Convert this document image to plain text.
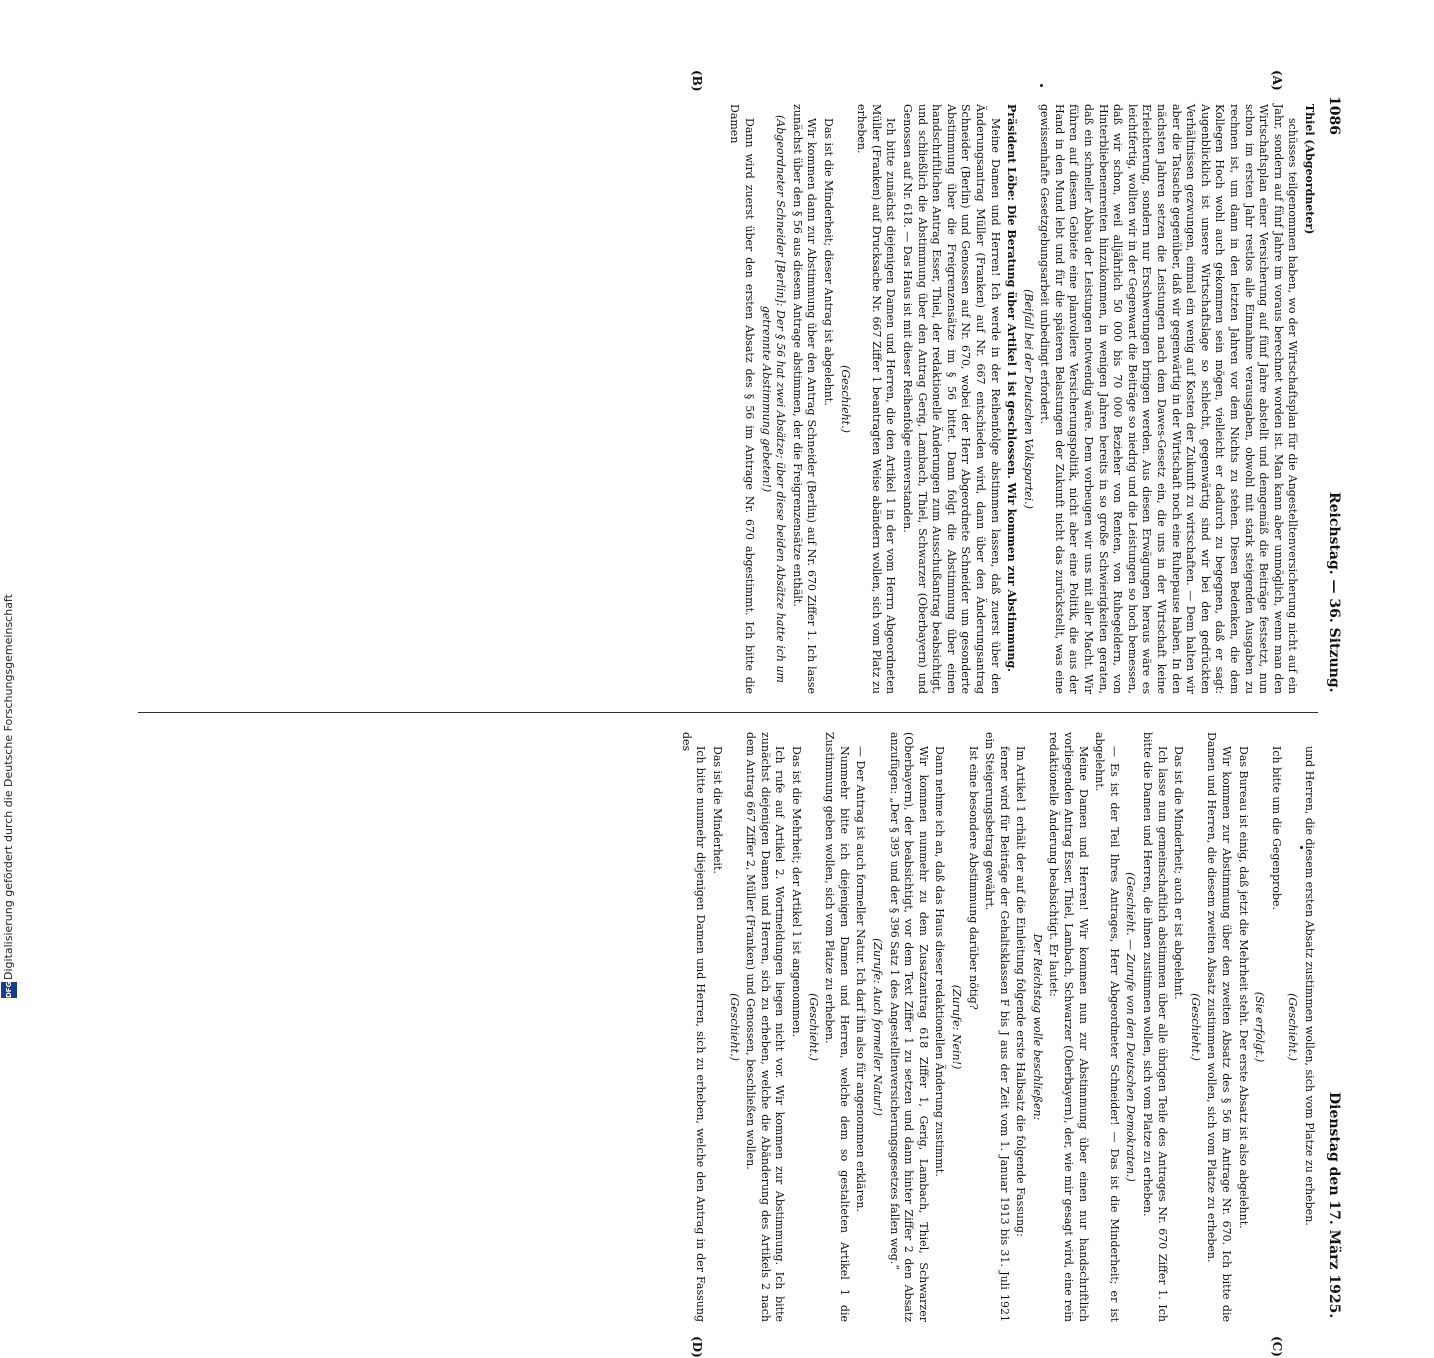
1086
Reichstag. — 36. Sitzung.
Dienstag den 17. März 1925.
(A)
(B)
(C)
(D)

Thiel (Abgeordneter)

schüsses teilgenommen haben, wo der Wirtschaftsplan für die Angestelltenversicherung nicht auf ein Jahr, sondern auf fünf Jahre im voraus berechnet worden ist. Man kann aber unmöglich, wenn man den Wirtschaftsplan einer Versicherung auf fünf Jahre abstellt und demgemäß die Beiträge festsetzt, nun schon im ersten Jahr restlos alle Einnahme verausgaben, obwohl mit stark steigenden Ausgaben zu rechnen ist, um dann in den letzten Jahren vor dem Nichts zu stehen. Diesen Bedenken, die dem Kollegen Hoch wohl auch gekommen sein mögen, vielleicht er dadurch zu begegnen, daß er sagt: Augenblicklich ist unsere Wirtschaftslage so schlecht, gegenwärtig sind wir bei den gedrückten Verhältnissen gezwungen, einmal ein wenig auf Kosten der Zukunft zu wirtschaften. — Dem halten wir aber die Tatsache gegenüber, daß wir gegenwärtig in der Wirtschaft noch eine Ruhepause haben. In den nächsten Jahren setzen die Leistungen nach dem Dawes-Gesetz ein, die uns in der Wirtschaft keine Erleichterung, sondern nur Erschwerungen bringen werden. Aus diesen Erwägungen heraus wäre es leichtfertig, wollten wir in der Gegenwart die Beiträge so niedrig und die Leistungen so hoch bemessen, daß wir schon, weil alljährlich 50 000 bis 70 000 Bezieher von Renten, von Ruhegeldern, von Hinterbliebenenrenten hinzukommen, in wenigen Jahren bereits in so große Schwierigkeiten geraten, daß ein schneller Abbau der Leistungen notwendig wäre. Dem vorbeugen wir uns mit aller Macht. Wir führen auf diesem Gebiete eine planvollere Versicherungspolitik, nicht aber eine Politik, die aus der Hand in den Mund lebt und für die späteren Belastungen der Zukunft nicht das zurückstellt, was eine gewissenhafte Gesetzgebungsarbeit unbedingt erfordert.

(Beifall bei der Deutschen Volkspartei.)

Präsident Löbe: Die Beratung über Artikel 1 ist geschlossen. Wir kommen zur Abstimmung.

Meine Damen und Herren! Ich werde in der Reihenfolge abstimmen lassen, daß zuerst über den Änderungsantrag Müller (Franken) auf Nr. 667 entschieden wird, dann über den Änderungsantrag Schneider (Berlin) und Genossen auf Nr. 670, wobei der Herr Abgeordnete Schneider um gesonderte Abstimmung über die Freigrenzensätze im § 56 bittet. Dann folgt die Abstimmung über einen handschriftlichen Antrag Esser, Thiel, der redaktionelle Änderungen zum Ausschußantrag beabsichtigt, und schließlich die Abstimmung über den Antrag Gerig, Lambach, Thiel, Schwarzer (Oberbayern) und Genossen auf Nr. 618. — Das Haus ist mit dieser Reihenfolge einverstanden.

Ich bitte zunächst diejenigen Damen und Herren, die den Artikel 1 in der vom Herrn Abgeordneten Müller (Franken) auf Drucksache Nr. 667 Ziffer 1 beantragten Weise abändern wollen, sich vom Platz zu erheben.

(Geschieht.)

Das ist die Minderheit; dieser Antrag ist abgelehnt.

Wir kommen dann zur Abstimmung über den Antrag Schneider (Berlin) auf Nr. 670 Ziffer 1. Ich lasse zunächst über den § 56 aus diesem Antrage abstimmen, der die Freigrenzensätze enthält.

(Abgeordneter Schneider [Berlin]: Der § 56 hat zwei Absätze; über diese beiden Absätze hatte ich um getrennte Abstimmung gebeten!)

Dann wird zuerst über den ersten Absatz des § 56 im Antrage Nr. 670 abgestimmt. Ich bitte die Damen

und Herren, die diesem ersten Absatz zustimmen wollen, sich vom Platze zu erheben.

(Geschieht.)

Ich bitte um die Gegenprobe.

(Sie erfolgt.)

Das Bureau ist einig, daß jetzt die Mehrheit steht. Der erste Absatz ist also abgelehnt.

Wir kommen zur Abstimmung über den zweiten Absatz des § 56 im Antrage Nr. 670. Ich bitte die Damen und Herren, die diesem zweiten Absatz zustimmen wollen, sich vom Platze zu erheben.

(Geschieht.)

Das ist die Minderheit; auch er ist abgelehnt.

Ich lasse nun gemeinschaftlich abstimmen über alle übrigen Teile des Antrages Nr. 670 Ziffer 1. Ich bitte die Damen und Herren, die ihnen zustimmen wollen, sich vom Platze zu erheben.

(Geschieht. — Zurufe von den Deutschen Demokraten.)

— Es ist der Teil Ihres Antrages, Herr Abgeordneter Schneider! — Das ist die Minderheit; er ist abgelehnt.

Meine Damen und Herren! Wir kommen nun zur Abstimmung über einen nur handschriftlich vorliegenden Antrag Esser, Thiel, Lambach, Schwarzer (Oberbayern), der, wie mir gesagt wird, eine rein redaktionelle Änderung beabsichtigt. Er lautet:

Der Reichstag wolle beschließen:

Im Artikel 1 erhält der auf die Einleitung folgende erste Halbsatz die folgende Fassung:

ferner wird für Beiträge der Gehaltsklassen F bis J aus der Zeit vom 1. Januar 1913 bis 31. Juli 1921 ein Steigerungsbetrag gewährt.

Ist eine besondere Abstimmung darüber nötig?

(Zurufe: Nein!)

Dann nehme ich an, daß das Haus dieser redaktionellen Änderung zustimmt.

Wir kommen nunmehr zu dem Zusatzantrag 618 Ziffer 1, Gerig, Lambach, Thiel, Schwarzer (Oberbayern), der beabsichtigt, vor dem Text Ziffer 1 zu setzen und dann hinter Ziffer 2 den Absatz anzufügen: „Der § 395 und der § 396 Satz 1 des Angestelltenversicherungsgesetzes fallen weg.“

(Zurufe: Auch formeller Natur!)

— Der Antrag ist auch formeller Natur. Ich darf ihn also für angenommen erklären.

Nunmehr bitte ich diejenigen Damen und Herren, welche dem so gestalteten Artikel 1 die Zustimmung geben wollen, sich vom Platze zu erheben.

(Geschieht.)

Das ist die Mehrheit; der Artikel 1 ist angenommen.

Ich rufe auf Artikel 2. Wortmeldungen liegen nicht vor. Wir kommen zur Abstimmung. Ich bitte zunächst diejenigen Damen und Herren, sich zu erheben, welche die Abänderung des Artikels 2 nach dem Antrag 667 Ziffer 2, Müller (Franken) und Genossen, beschließen wollen.

(Geschieht.)

Das ist die Minderheit.

Ich bitte nunmehr diejenigen Damen und Herren, sich zu erheben, welche den Antrag in der Fassung des

DFG
Digitalisierung gefördert durch die Deutsche Forschungsgemeinschaft
